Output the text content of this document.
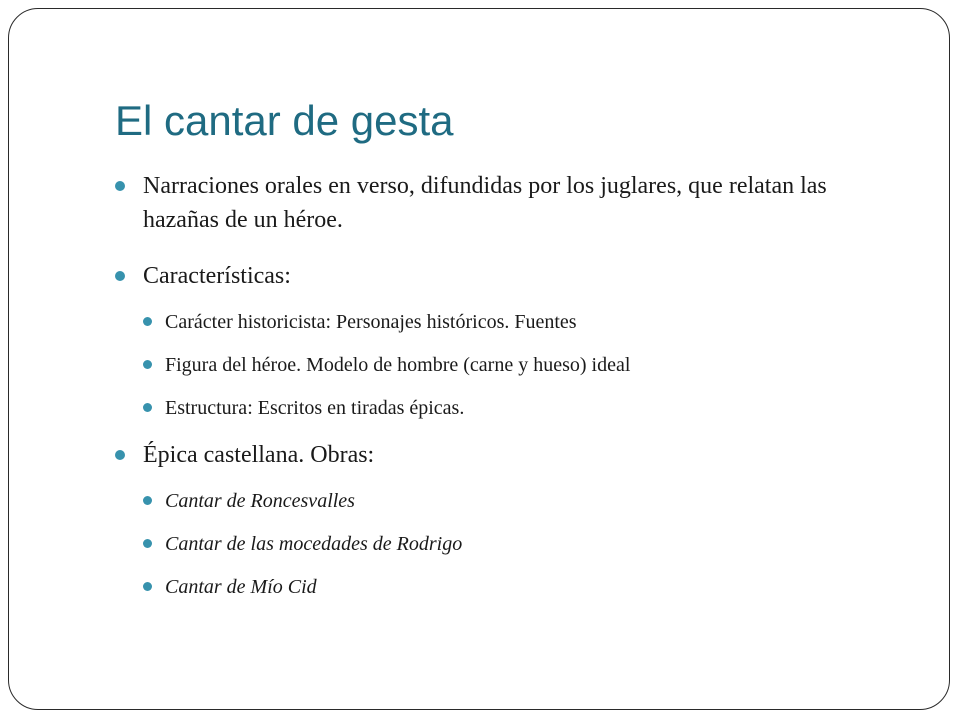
El cantar de gesta
Narraciones orales en verso, difundidas por los juglares, que relatan las hazañas de un héroe.
Características:
Carácter historicista: Personajes históricos. Fuentes
Figura del héroe. Modelo de hombre (carne y hueso) ideal
Estructura: Escritos en tiradas épicas.
Épica castellana. Obras:
Cantar de Roncesvalles
Cantar de las mocedades de Rodrigo
Cantar de Mío Cid
